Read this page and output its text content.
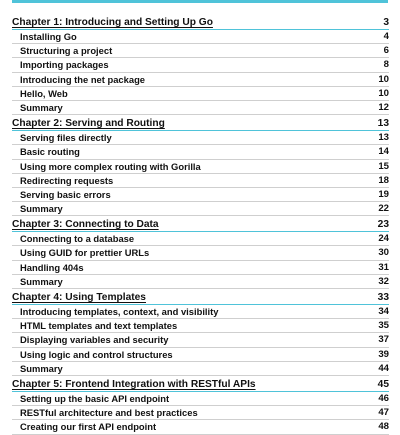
Chapter 1: Introducing and Setting Up Go	3
Installing Go	4
Structuring a project	6
Importing packages	8
Introducing the net package	10
Hello, Web	10
Summary	12
Chapter 2: Serving and Routing	13
Serving files directly	13
Basic routing	14
Using more complex routing with Gorilla	15
Redirecting requests	18
Serving basic errors	19
Summary	22
Chapter 3: Connecting to Data	23
Connecting to a database	24
Using GUID for prettier URLs	30
Handling 404s	31
Summary	32
Chapter 4: Using Templates	33
Introducing templates, context, and visibility	34
HTML templates and text templates	35
Displaying variables and security	37
Using logic and control structures	39
Summary	44
Chapter 5: Frontend Integration with RESTful APIs	45
Setting up the basic API endpoint	46
RESTful architecture and best practices	47
Creating our first API endpoint	48
